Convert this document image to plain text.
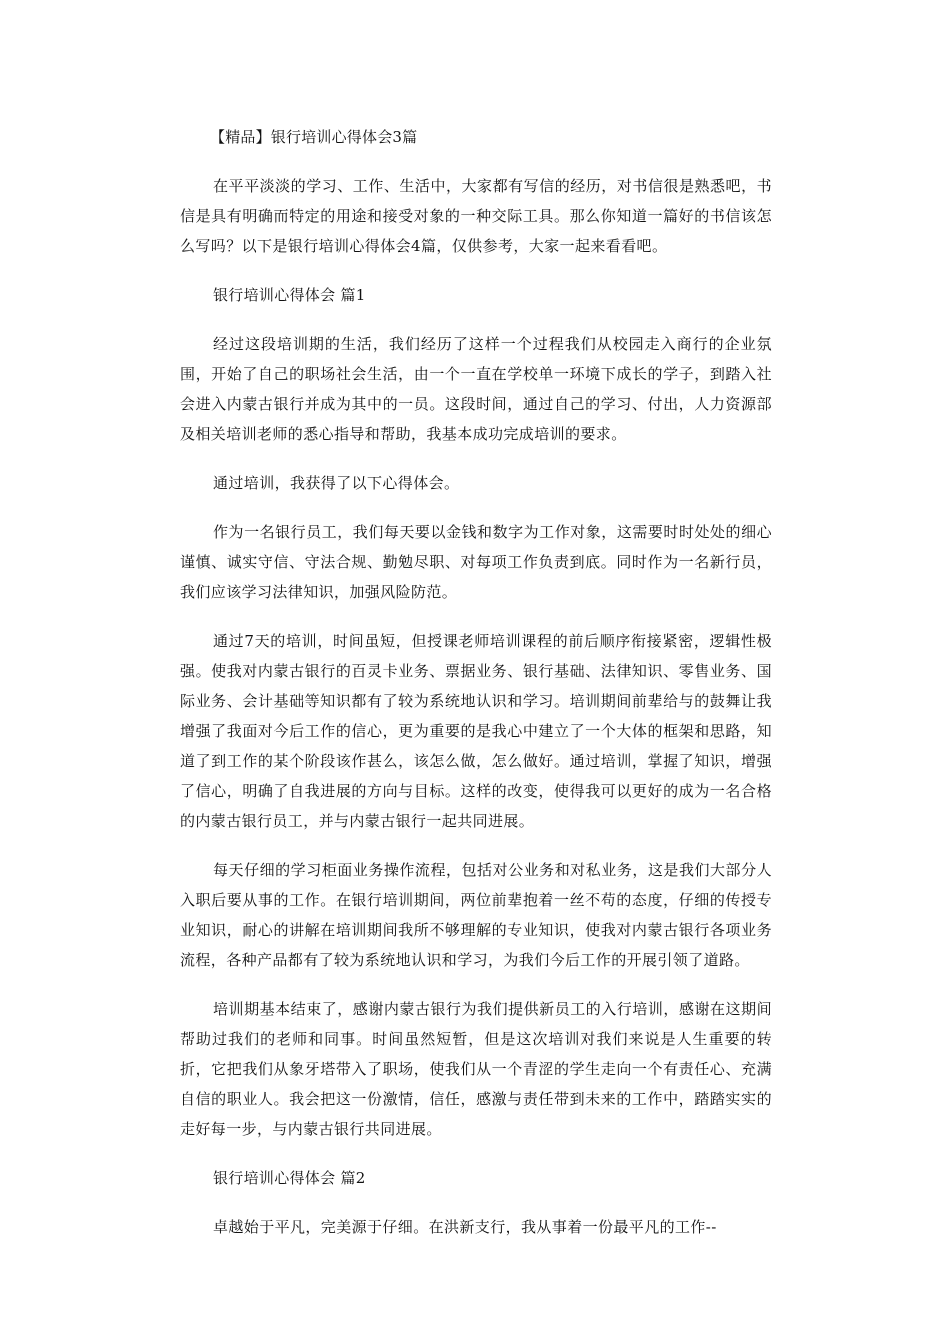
【精品】银行培训心得体会3篇

在平平淡淡的学习、工作、生活中，大家都有写信的经历，对书信很是熟悉吧，书信是具有明确而特定的用途和接受对象的一种交际工具。那么你知道一篇好的书信该怎么写吗？以下是银行培训心得体会4篇，仅供参考，大家一起来看看吧。

银行培训心得体会 篇1

经过这段培训期的生活，我们经历了这样一个过程我们从校园走入商行的企业氛围，开始了自己的职场社会生活，由一个一直在学校单一环境下成长的学子，到踏入社会进入内蒙古银行并成为其中的一员。这段时间，通过自己的学习、付出，人力资源部及相关培训老师的悉心指导和帮助，我基本成功完成培训的要求。

通过培训，我获得了以下心得体会。

作为一名银行员工，我们每天要以金钱和数字为工作对象，这需要时时处处的细心谨慎、诚实守信、守法合规、勤勉尽职、对每项工作负责到底。同时作为一名新行员，我们应该学习法律知识，加强风险防范。

通过7天的培训，时间虽短，但授课老师培训课程的前后顺序衔接紧密，逻辑性极强。使我对内蒙古银行的百灵卡业务、票据业务、银行基础、法律知识、零售业务、国际业务、会计基础等知识都有了较为系统地认识和学习。培训期间前辈给与的鼓舞让我增强了我面对今后工作的信心，更为重要的是我心中建立了一个大体的框架和思路，知道了到工作的某个阶段该作甚么，该怎么做，怎么做好。通过培训，掌握了知识，增强了信心，明确了自我进展的方向与目标。这样的改变，使得我可以更好的成为一名合格的内蒙古银行员工，并与内蒙古银行一起共同进展。

每天仔细的学习柜面业务操作流程，包括对公业务和对私业务，这是我们大部分人入职后要从事的工作。在银行培训期间，两位前辈抱着一丝不苟的态度，仔细的传授专业知识，耐心的讲解在培训期间我所不够理解的专业知识，使我对内蒙古银行各项业务流程，各种产品都有了较为系统地认识和学习，为我们今后工作的开展引领了道路。

培训期基本结束了，感谢内蒙古银行为我们提供新员工的入行培训，感谢在这期间帮助过我们的老师和同事。时间虽然短暂，但是这次培训对我们来说是人生重要的转折，它把我们从象牙塔带入了职场，使我们从一个青涩的学生走向一个有责任心、充满自信的职业人。我会把这一份激情，信任，感激与责任带到未来的工作中，踏踏实实的走好每一步，与内蒙古银行共同进展。

银行培训心得体会 篇2

卓越始于平凡，完美源于仔细。在洪新支行，我从事着一份最平凡的工作--
